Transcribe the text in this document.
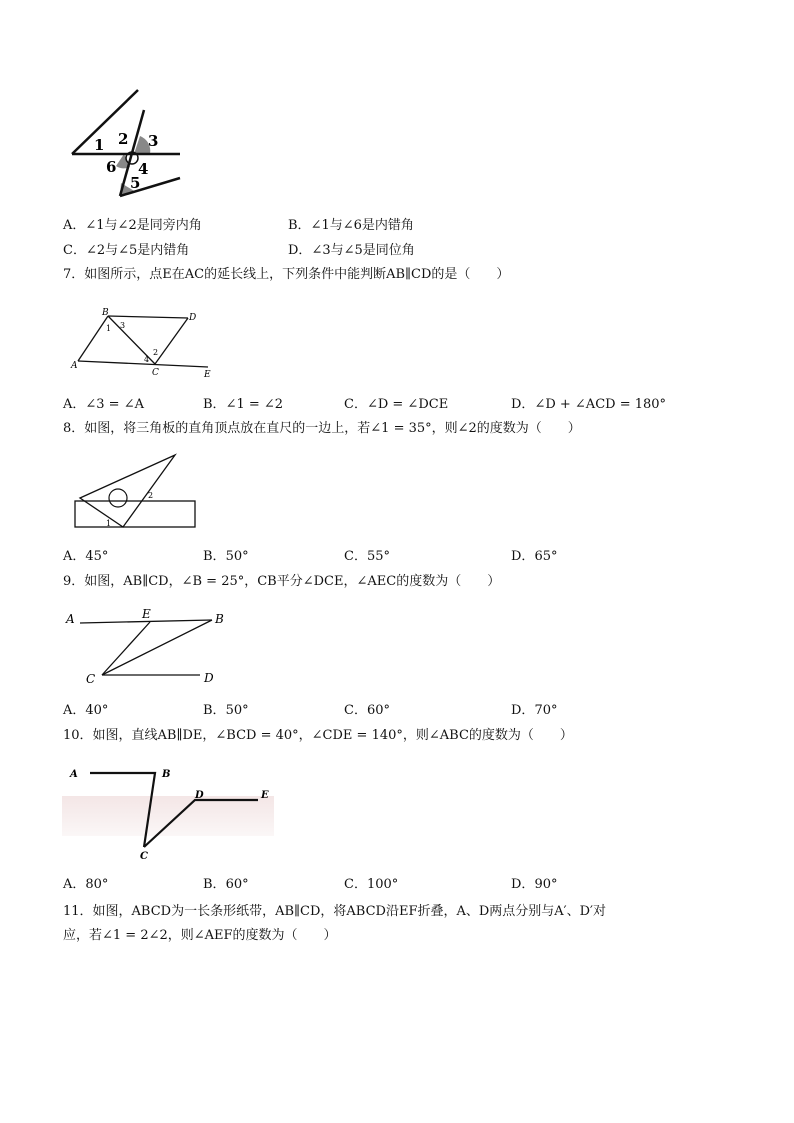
1 2 3
6 4
5
A．∠1与∠2是同旁内角	B．∠1与∠6是内错角
C．∠2与∠5是内错角	D．∠3与∠5是同位角
7．如图所示，点E在AC的延长线上，下列条件中能判断AB∥CD的是（　　）
B	D
A
C	E
1 3
4
2
A．∠3 = ∠A	B．∠1 = ∠2	C．∠D = ∠DCE	D．∠D + ∠ACD = 180°
8．如图，将三角板的直角顶点放在直尺的一边上，若∠1 = 35°，则∠2的度数为（　　）
1
2
A．45°	B．50°	C．55°	D．65°
9．如图，AB∥CD，∠B = 25°，CB平分∠DCE，∠AEC的度数为（　　）
A	E	B
C	D
A．40°	B．50°	C．60°	D．70°
10．如图，直线AB∥DE，∠BCD = 40°，∠CDE = 140°，则∠ABC的度数为（　　）
A	B
D	E
C
A．80°	B．60°	C．100°	D．90°
11．如图，ABCD为一长条形纸带，AB∥CD，将ABCD沿EF折叠，A、D两点分别与A′、D′对
应，若∠1 = 2∠2，则∠AEF的度数为（　　）
